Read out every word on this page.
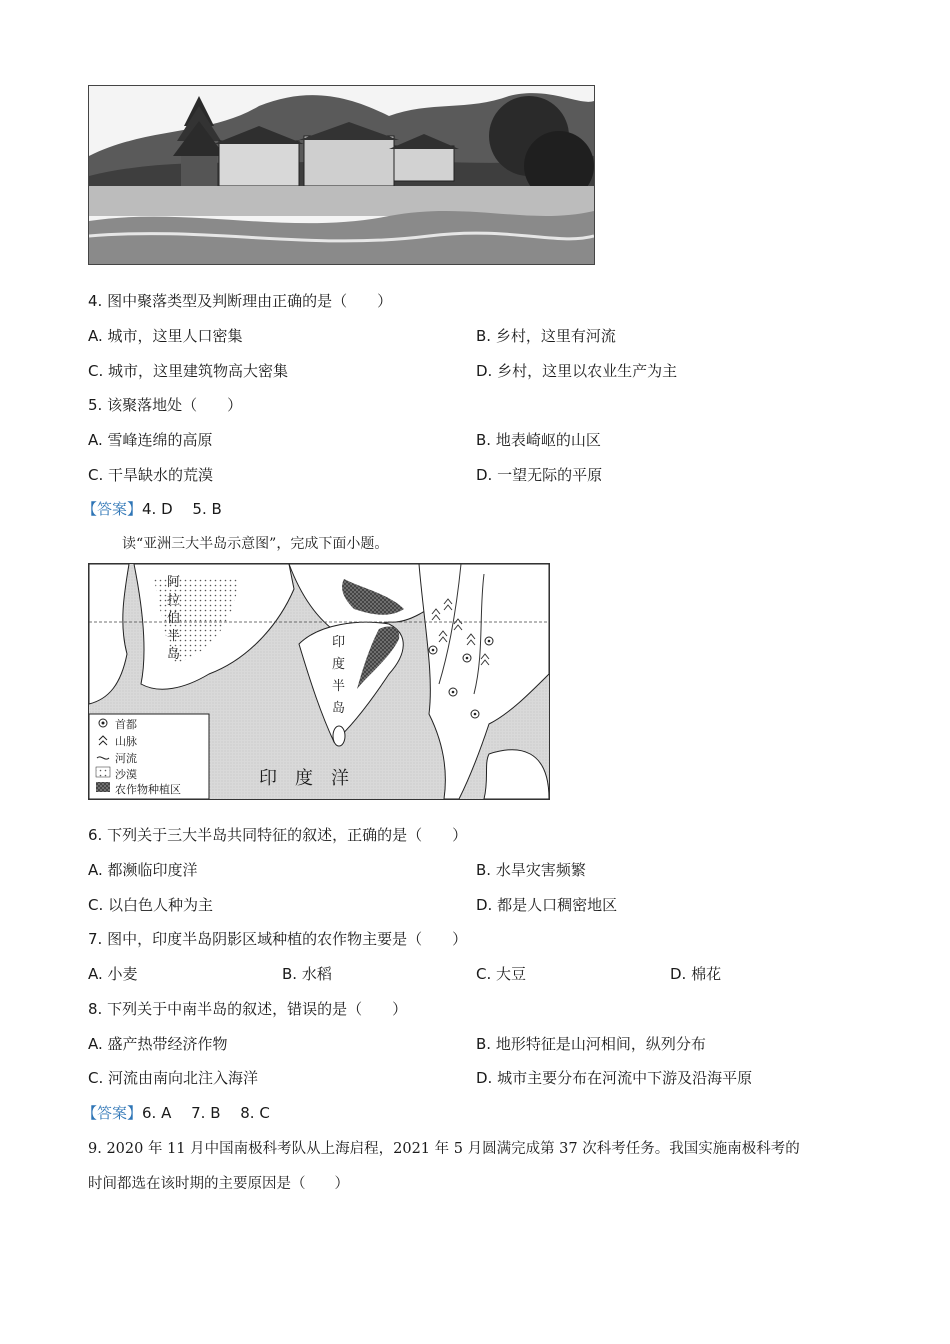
4. 图中聚落类型及判断理由正确的是（　　）
A. 城市，这里人口密集	B. 乡村，这里有河流
C. 城市，这里建筑物高大密集	D. 乡村，这里以农业生产为主
5. 该聚落地处（　　）
A. 雪峰连绵的高原	B. 地表崎岖的山区
C. 干旱缺水的荒漠	D. 一望无际的平原
【答案】4. D　 5. B
读“亚洲三大半岛示意图”，完成下面小题。
阿
拉
伯
半
岛
印
度
半
岛
印　度　洋
首都
山脉
河流
沙漠
农作物种植区
6. 下列关于三大半岛共同特征的叙述，正确的是（　　）
A. 都濒临印度洋	B. 水旱灾害频繁
C. 以白色人种为主	D. 都是人口稠密地区
7. 图中，印度半岛阴影区域种植的农作物主要是（　　）
A. 小麦	B. 水稻	C. 大豆	D. 棉花
8. 下列关于中南半岛的叙述，错误的是（　　）
A. 盛产热带经济作物	B. 地形特征是山河相间，纵列分布
C. 河流由南向北注入海洋	D. 城市主要分布在河流中下游及沿海平原
【答案】6. A　 7. B　 8. C
9. 2020 年 11 月中国南极科考队从上海启程，2021 年 5 月圆满完成第 37 次科考任务。我国实施南极科考的
时间都选在该时期的主要原因是（　　）
